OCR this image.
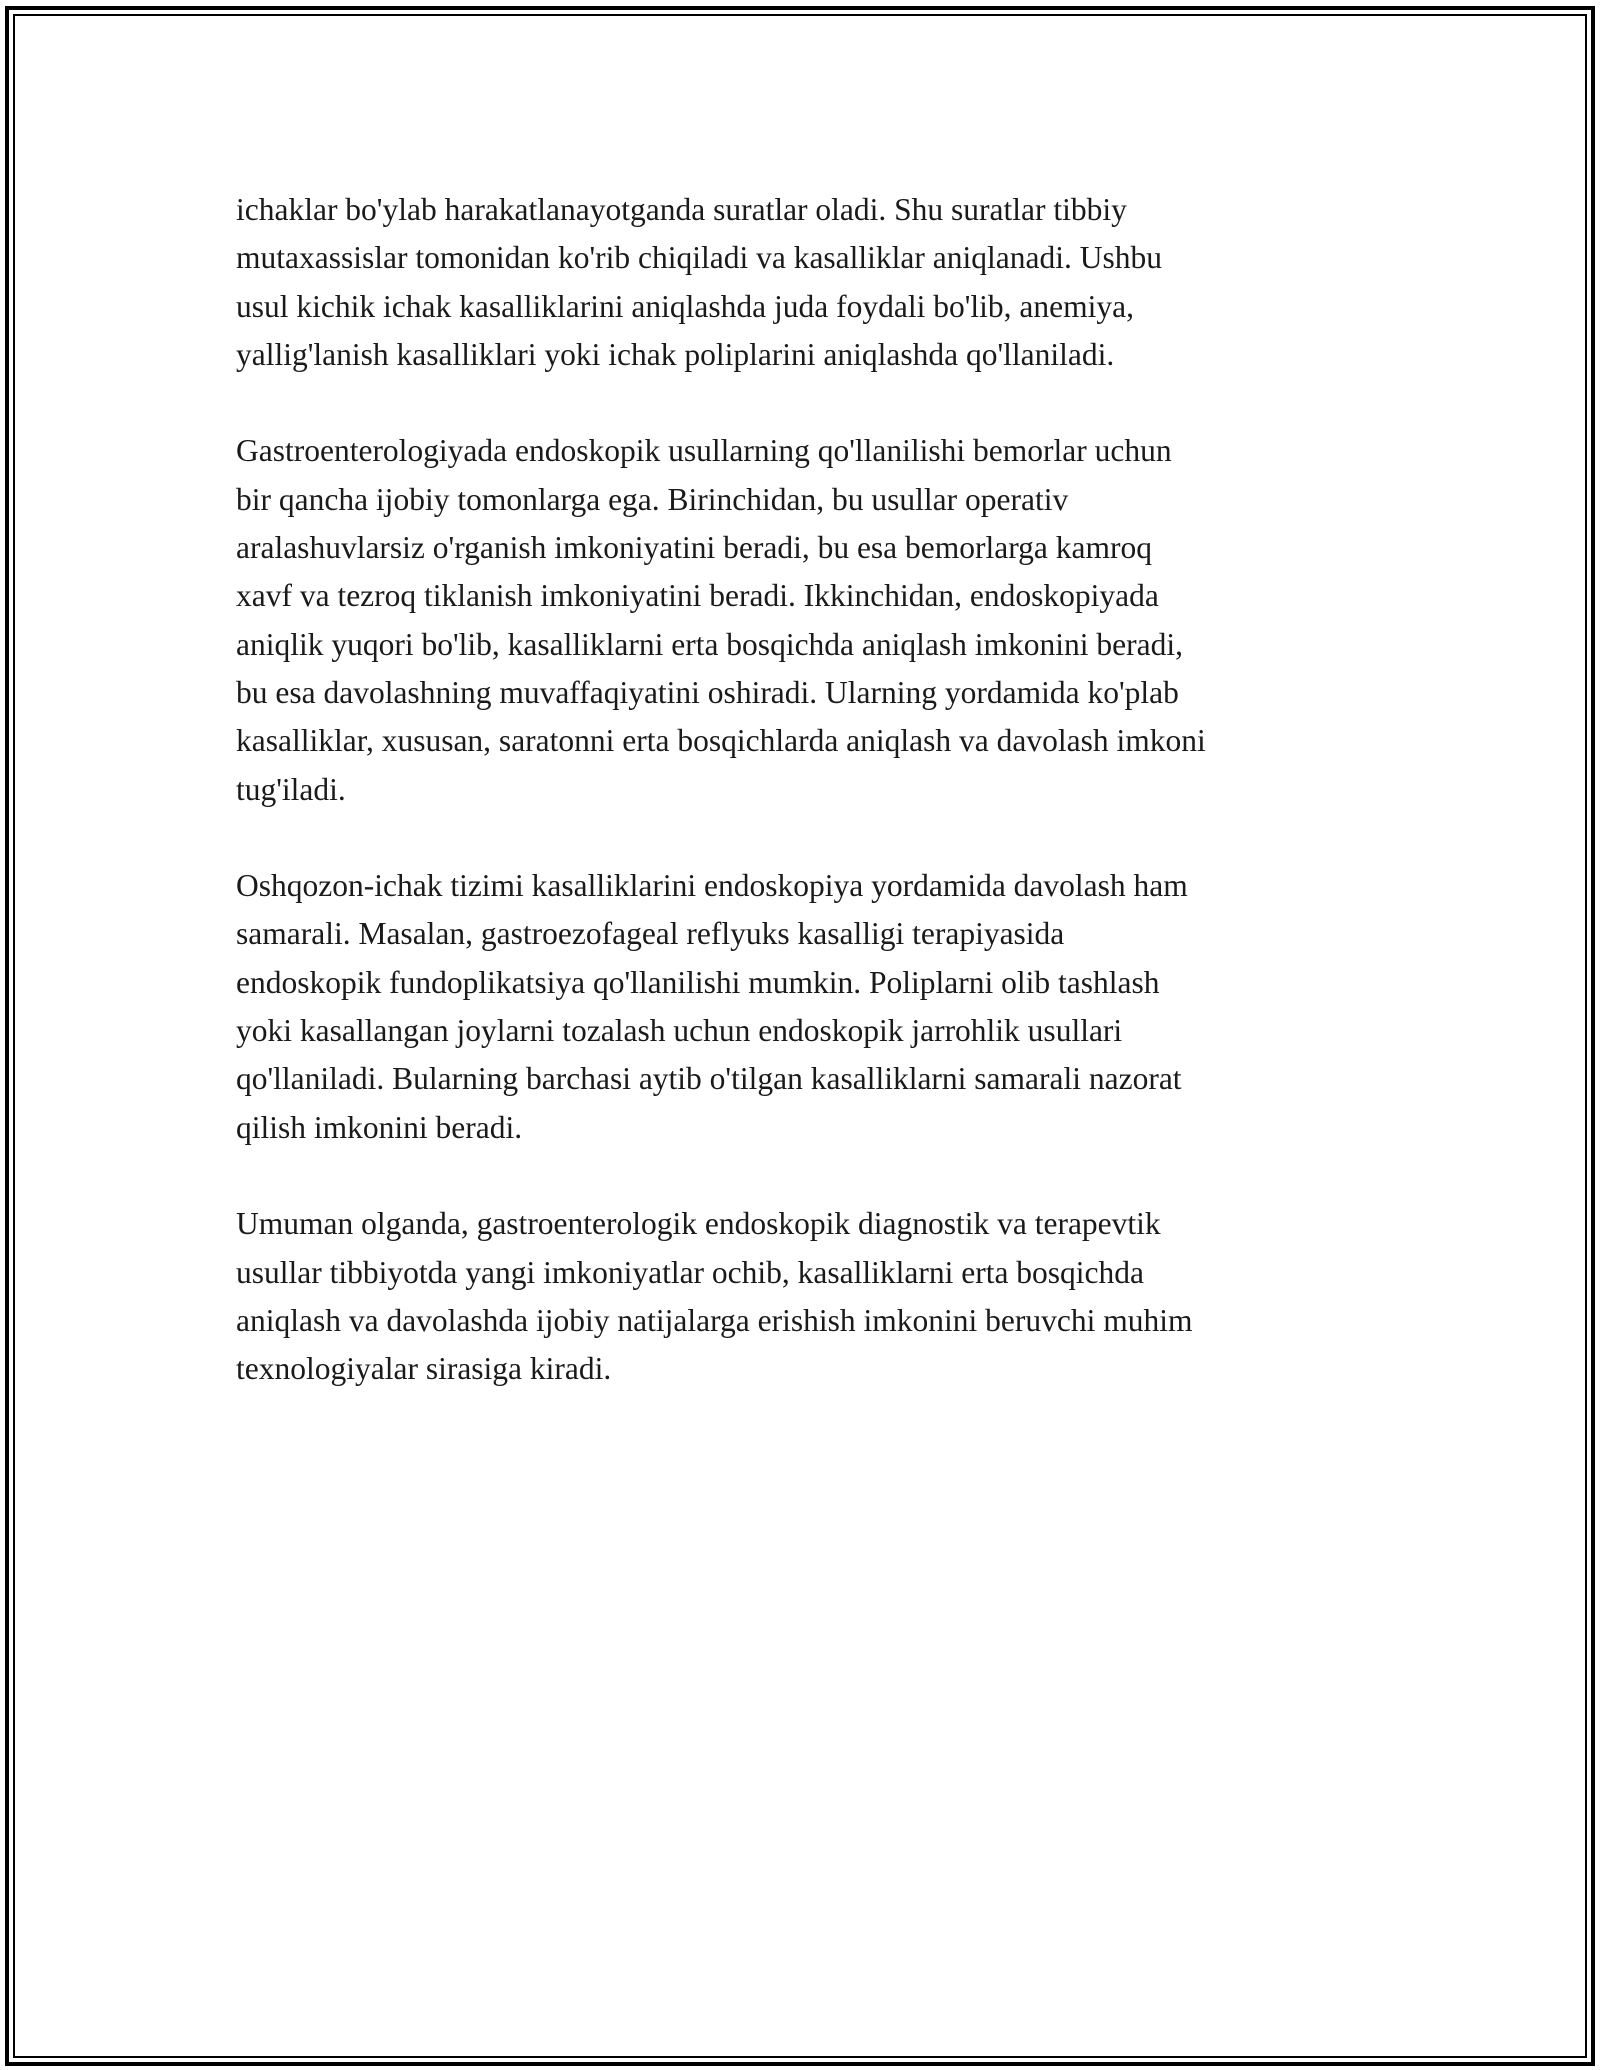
ichaklar bo'ylab harakatlanayotganda suratlar oladi. Shu suratlar tibbiy
mutaxassislar tomonidan ko'rib chiqiladi va kasalliklar aniqlanadi. Ushbu
usul kichik ichak kasalliklarini aniqlashda juda foydali bo'lib, anemiya,
yallig'lanish kasalliklari yoki ichak poliplarini aniqlashda qo'llaniladi.

Gastroenterologiyada endoskopik usullarning qo'llanilishi bemorlar uchun
bir qancha ijobiy tomonlarga ega. Birinchidan, bu usullar operativ
aralashuvlarsiz o'rganish imkoniyatini beradi, bu esa bemorlarga kamroq
xavf va tezroq tiklanish imkoniyatini beradi. Ikkinchidan, endoskopiyada
aniqlik yuqori bo'lib, kasalliklarni erta bosqichda aniqlash imkonini beradi,
bu esa davolashning muvaffaqiyatini oshiradi. Ularning yordamida ko'plab
kasalliklar, xususan, saratonni erta bosqichlarda aniqlash va davolash imkoni
tug'iladi.

Oshqozon-ichak tizimi kasalliklarini endoskopiya yordamida davolash ham
samarali. Masalan, gastroezofageal reflyuks kasalligi terapiyasida
endoskopik fundoplikatsiya qo'llanilishi mumkin. Poliplarni olib tashlash
yoki kasallangan joylarni tozalash uchun endoskopik jarrohlik usullari
qo'llaniladi. Bularning barchasi aytib o'tilgan kasalliklarni samarali nazorat
qilish imkonini beradi.

Umuman olganda, gastroenterologik endoskopik diagnostik va terapevtik
usullar tibbiyotda yangi imkoniyatlar ochib, kasalliklarni erta bosqichda
aniqlash va davolashda ijobiy natijalarga erishish imkonini beruvchi muhim
texnologiyalar sirasiga kiradi.
